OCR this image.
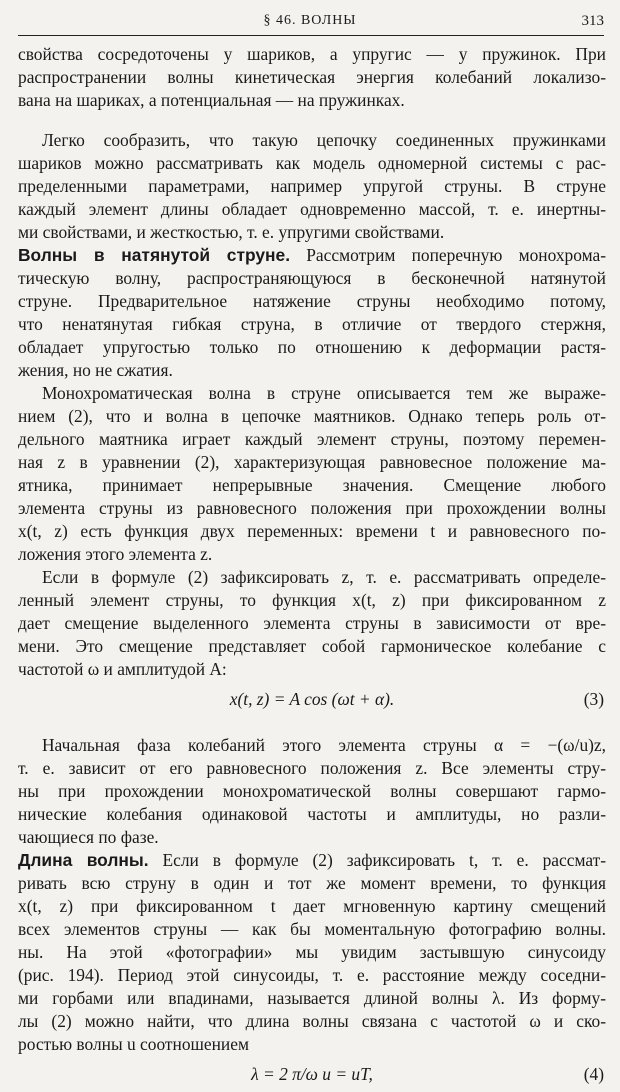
§ 46. ВОЛНЫ	313
свойства сосредоточены у шариков, а упругис — у пружинок. При
распространении волны кинетическая энергия колебаний локализо-
вана на шариках, а потенциальная — на пружинках.
Легко сообразить, что такую цепочку соединенных пружинками
шариков можно рассматривать как модель одномерной системы с рас-
пределенными параметрами, например упругой струны. В струне
каждый элемент длины обладает одновременно массой, т. е. инертны-
ми свойствами, и жесткостью, т. е. упругими свойствами.
Волны в натянутой струне. Рассмотрим поперечную монохрома-
тическую волну, распространяющуюся в бесконечной натянутой
струне. Предварительное натяжение струны необходимо потому,
что ненатянутая гибкая струна, в отличие от твердого стержня,
обладает упругостью только по отношению к деформации растя-
жения, но не сжатия.
Монохроматическая волна в струне описывается тем же выраже-
нием (2), что и волна в цепочке маятников. Однако теперь роль от-
дельного маятника играет каждый элемент струны, поэтому перемен-
ная z в уравнении (2), характеризующая равновесное положение ма-
ятника, принимает непрерывные значения. Смещение любого
элемента струны из равновесного положения при прохождении волны
x(t, z) есть функция двух переменных: времени t и равновесного по-
ложения этого элемента z.
Если в формуле (2) зафиксировать z, т. е. рассматривать определе-
ленный элемент струны, то функция x(t, z) при фиксированном z
дает смещение выделенного элемента струны в зависимости от вре-
мени. Это смещение представляет собой гармоническое колебание с
частотой ω и амплитудой A:
x(t, z) = A cos (ωt + α).	(3)
Начальная фаза колебаний этого элемента струны α = −(ω/u)z,
т. е. зависит от его равновесного положения z. Все элементы стру-
ны при прохождении монохроматической волны совершают гармо-
нические колебания одинаковой частоты и амплитуды, но разли-
чающиеся по фазе.
Длина волны. Если в формуле (2) зафиксировать t, т. е. рассмат-
ривать всю струну в один и тот же момент времени, то функция
x(t, z) при фиксированном t дает мгновенную картину смещений
всех элементов струны — как бы моментальную фотографию волны.
ны. На этой «фотографии» мы увидим застывшую синусоиду
(рис. 194). Период этой синусоиды, т. е. расстояние между соседни-
ми горбами или впадинами, называется длиной волны λ. Из форму-
лы (2) можно найти, что длина волны связана с частотой ω и ско-
ростью волны u соотношением
λ = 2 π/ω u = uT,	(4)
